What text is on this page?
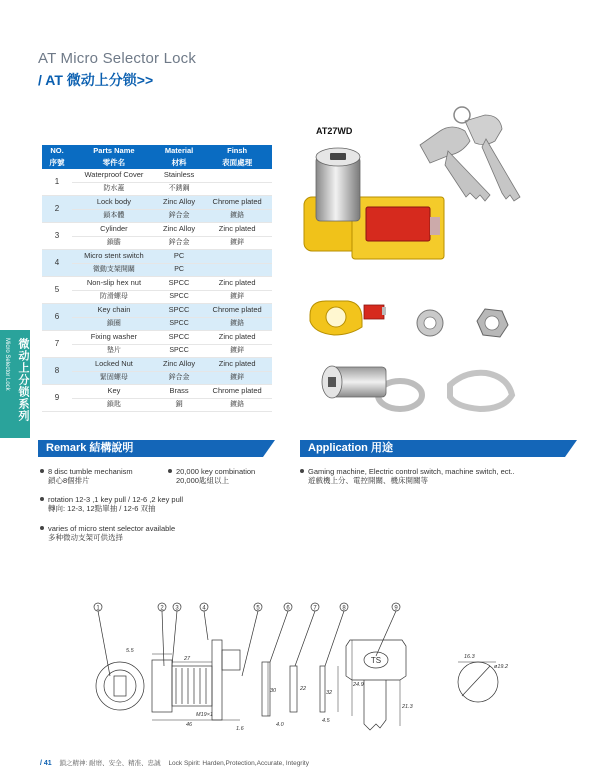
AT Micro Selector Lock
/ AT 微动上分锁>>
微动上分锁系列
Micro Selector Lock
NO.	Parts Name	Material	Finsh
序號	零件名	材料	表面處理
1	Waterproof Cover	Stainless	
	防水蓋	不銹鋼	
2	Lock body	Zinc Alloy	Chrome plated
	鎖本體	鋅合金	鍍鉻
3	Cylinder	Zinc Alloy	Zinc plated
	鎖膽	鋅合金	鍍鋅
4	Micro stent switch	PC	
	微動支架開關	PC	
5	Non-slip hex nut	SPCC	Zinc plated
	防滑螺母	SPCC	鍍鋅
6	Key chain	SPCC	Chrome plated
	鎖圈	SPCC	鍍鉻
7	Fixing washer	SPCC	Zinc plated
	墊片	SPCC	鍍鋅
8	Locked Nut	Zinc Alloy	Zinc plated
	緊固螺母	鋅合金	鍍鋅
9	Key	Brass	Chrome plated
	鎖匙	銅	鍍鉻
AT27WD
Remark 結構說明
8 disc tumble mechanism
鎖心8個排片
20,000 key combination
20,000匙組以上
rotation 12-3 ,1 key pull / 12-6 ,2 key pull
轉向: 12-3, 12點單抽 / 12-6 双抽
varies of micro stent selector available
多种微动支架可供选择
Application 用途
Gaming machine, Electric control switch, machine switch, ect..
遊戲機上分、電控開關、機床開關等
1	2 3	4	5	6	7	8	9
TS
5.5
27
46
M19×1
1.6
30
4.0
22
4.5
32
24.9
21.3
16.3
ø19.2
/ 41 鎖之精神: 耐磨、安全、精准、忠誠 Lock Spirit: Harden,Protection,Accurate, Integrity
